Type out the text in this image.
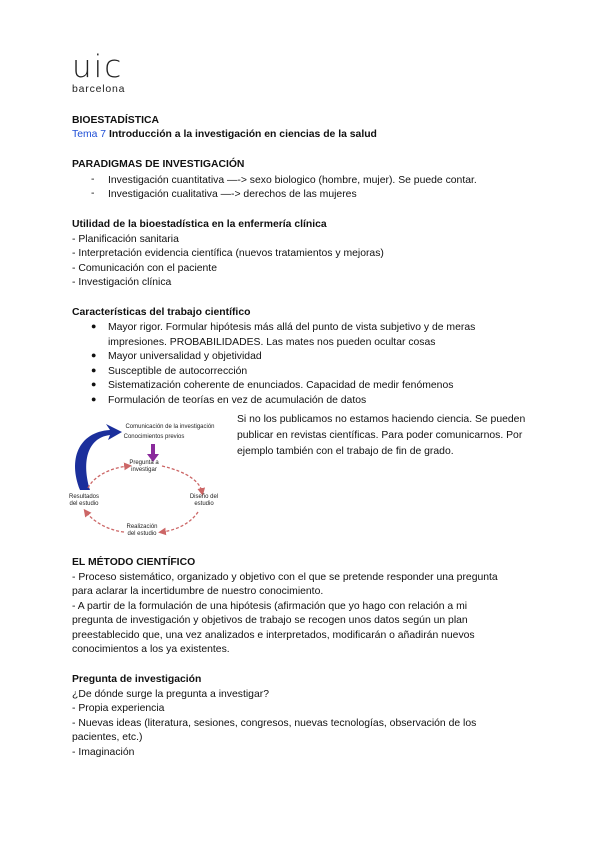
uic
barcelona
BIOESTADÍSTICA
Tema 7 Introducción a la investigación en ciencias de la salud
PARADIGMAS DE INVESTIGACIÓN
- Investigación cuantitativa —-> sexo biologico (hombre, mujer). Se puede contar.
- Investigación cualitativa —-> derechos de las mujeres
Utilidad de la bioestadística en la enfermería clínica
- Planificación sanitaria
- Interpretación evidencia científica (nuevos tratamientos y mejoras)
- Comunicación con el paciente
- Investigación clínica
Características del trabajo científico
● Mayor rigor. Formular hipótesis más allá del punto de vista subjetivo y de meras
impresiones. PROBABILIDADES. Las mates nos pueden ocultar cosas
● Mayor universalidad y objetividad
● Susceptible de autocorrección
● Sistematización coherente de enunciados. Capacidad de medir fenómenos
● Formulación de teorías en vez de acumulación de datos
Comunicación de la investigación
Conocimientos previos
Pregunta a
investigar
Diseño del
estudio
Realización
del estudio
Resultados
del estudio
Si no los publicamos no estamos haciendo ciencia. Se pueden publicar en revistas científicas. Para poder comunicarnos. Por ejemplo también con el trabajo de fin de grado.
EL MÉTODO CIENTÍFICO
- Proceso sistemático, organizado y objetivo con el que se pretende responder una pregunta
para aclarar la incertidumbre de nuestro conocimiento.
- A partir de la formulación de una hipótesis (afirmación que yo hago con relación a mi
pregunta de investigación y objetivos de trabajo se recogen unos datos según un plan
preestablecido que, una vez analizados e interpretados, modificarán o añadirán nuevos
conocimientos a los ya existentes.
Pregunta de investigación
¿De dónde surge la pregunta a investigar?
- Propia experiencia
- Nuevas ideas (literatura, sesiones, congresos, nuevas tecnologías, observación de los
pacientes, etc.)
- Imaginación
